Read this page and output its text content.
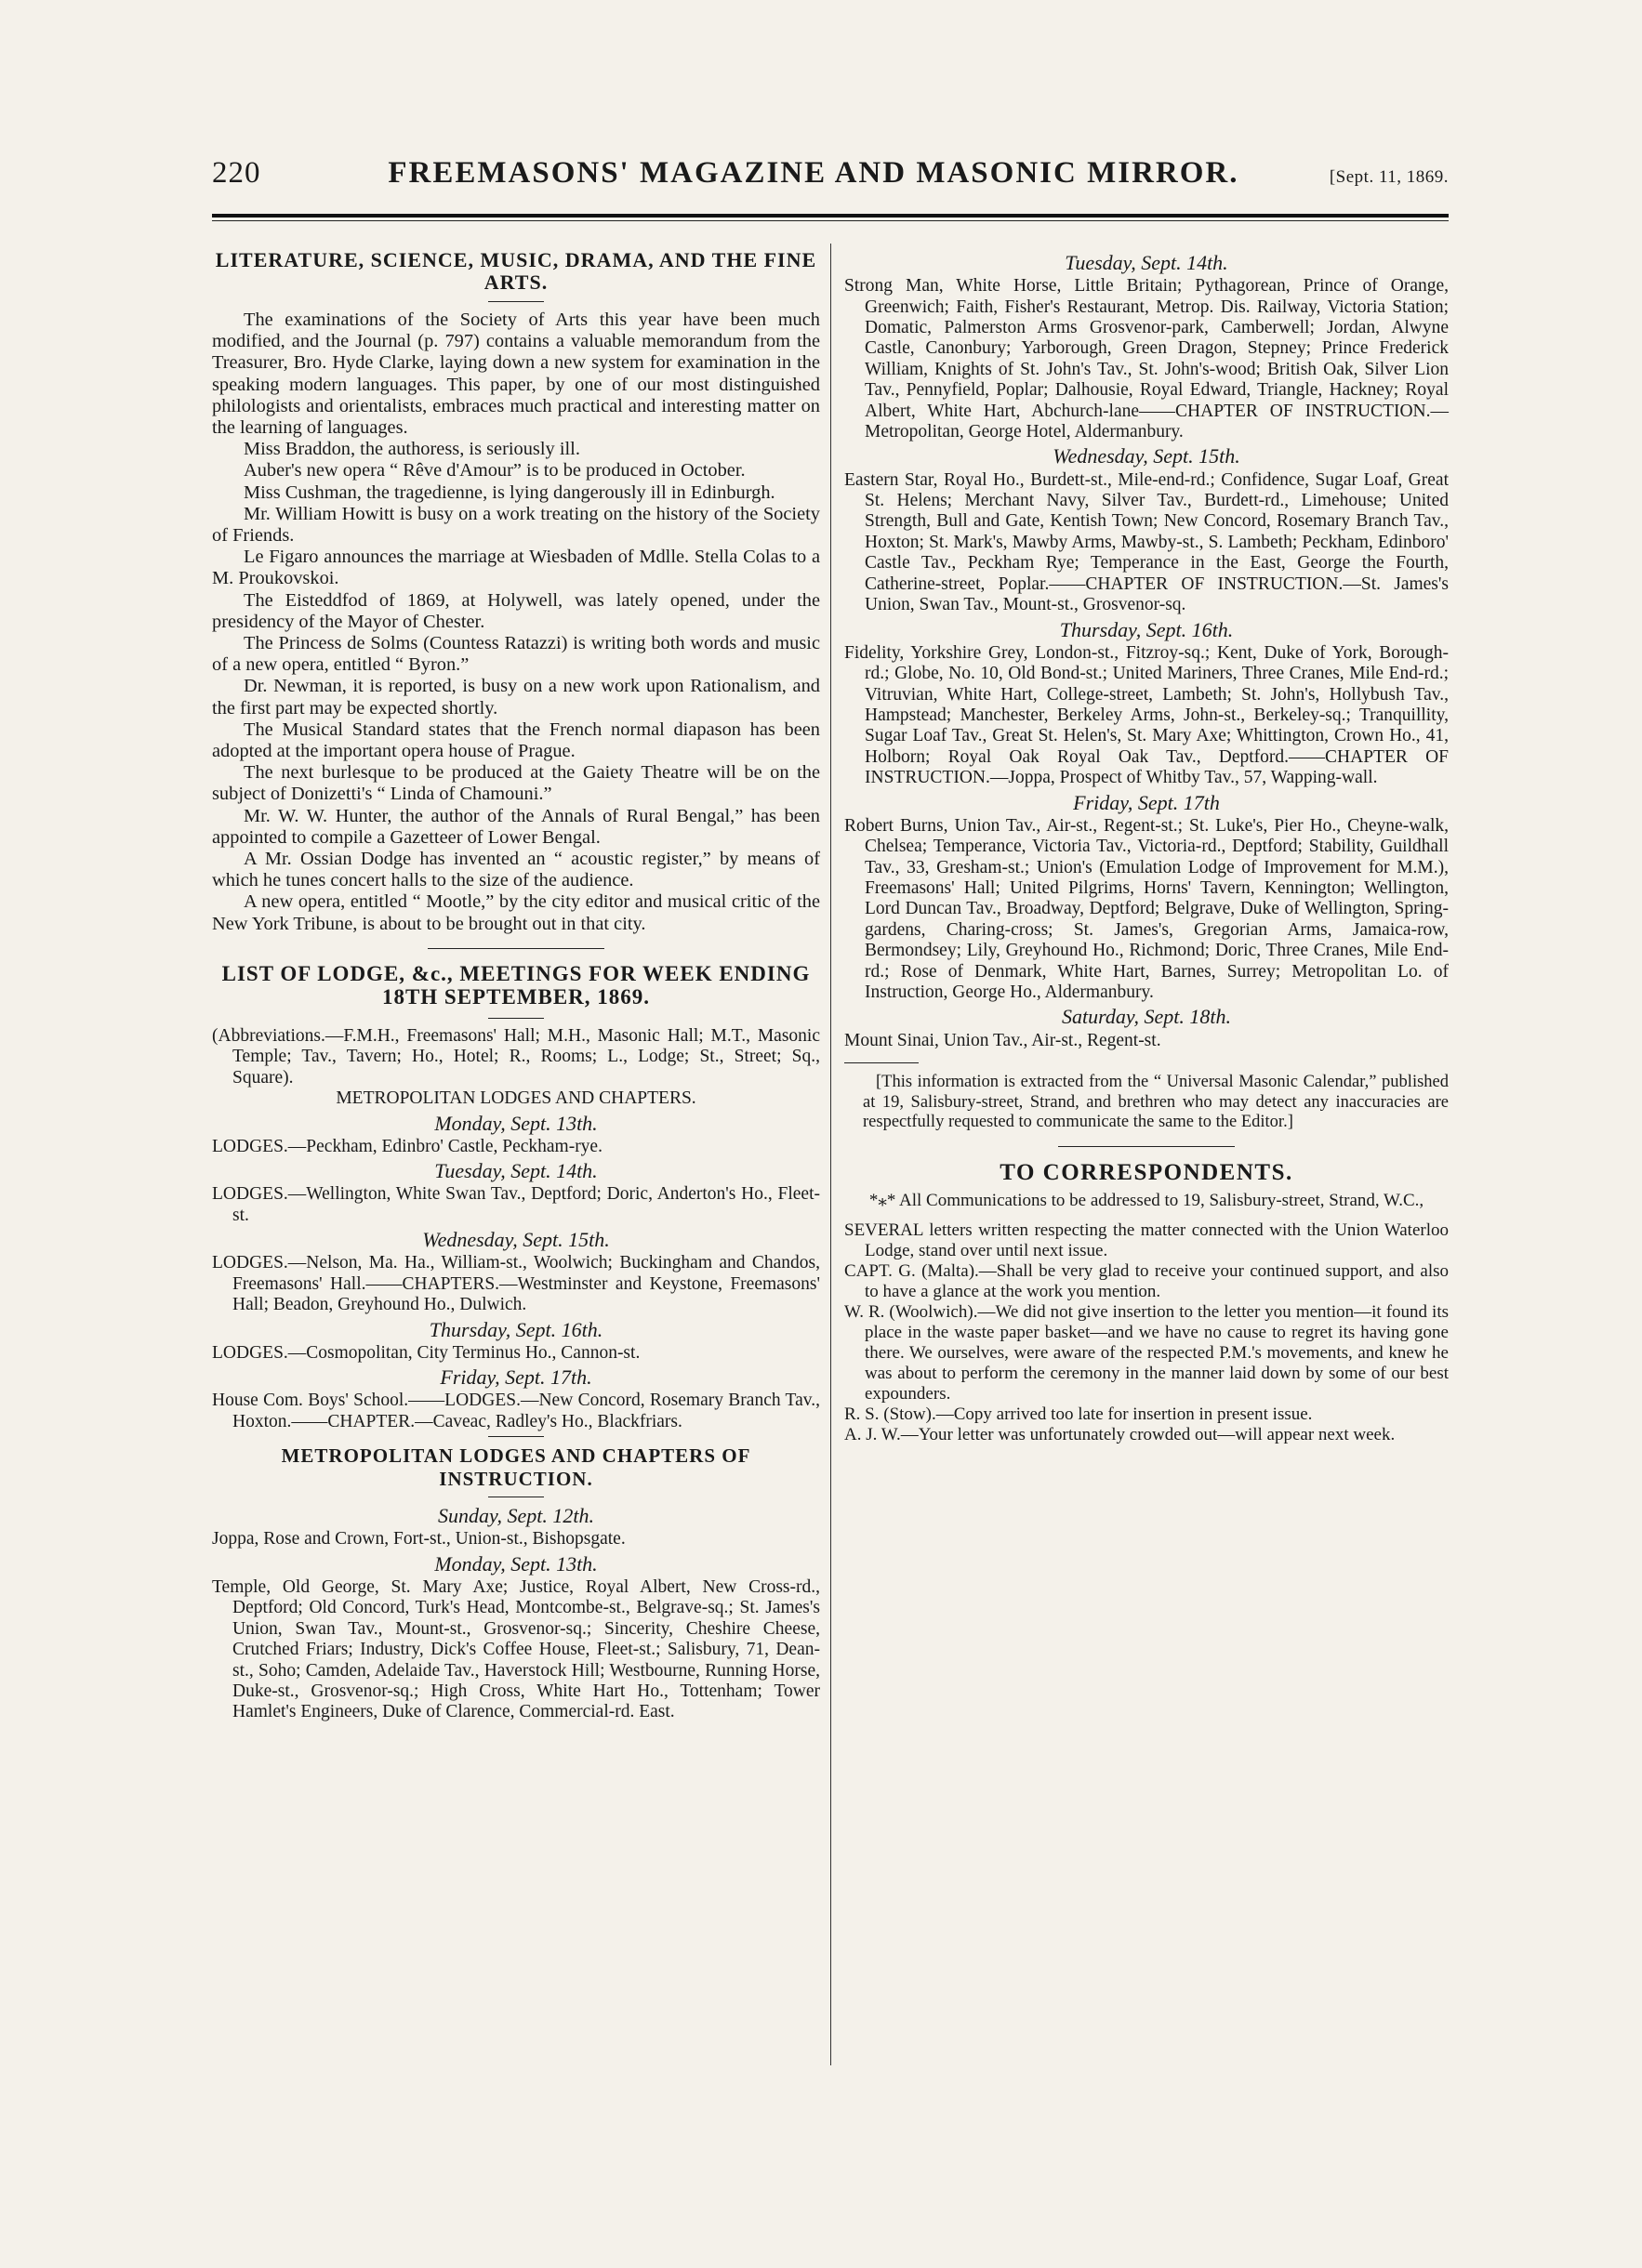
220	FREEMASONS' MAGAZINE AND MASONIC MIRROR.	[Sept. 11, 1869.
LITERATURE, SCIENCE, MUSIC, DRAMA, AND THE FINE ARTS.

The examinations of the Society of Arts this year have been much modified, and the Journal (p. 797) contains a valuable memorandum from the Treasurer, Bro. Hyde Clarke, laying down a new system for examination in the speaking modern languages. This paper, by one of our most distinguished philologists and orientalists, embraces much practical and interesting matter on the learning of languages.

Miss Braddon, the authoress, is seriously ill.

Auber's new opera “ Rêve d'Amour” is to be produced in October.

Miss Cushman, the tragedienne, is lying dangerously ill in Edinburgh.

Mr. William Howitt is busy on a work treating on the history of the Society of Friends.

Le Figaro announces the marriage at Wiesbaden of Mdlle. Stella Colas to a M. Proukovskoi.

The Eisteddfod of 1869, at Holywell, was lately opened, under the presidency of the Mayor of Chester.

The Princess de Solms (Countess Ratazzi) is writing both words and music of a new opera, entitled “ Byron.”

Dr. Newman, it is reported, is busy on a new work upon Rationalism, and the first part may be expected shortly.

The Musical Standard states that the French normal diapason has been adopted at the important opera house of Prague.

The next burlesque to be produced at the Gaiety Theatre will be on the subject of Donizetti's “ Linda of Chamouni.”

Mr. W. W. Hunter, the author of the Annals of Rural Bengal,” has been appointed to compile a Gazetteer of Lower Bengal.

A Mr. Ossian Dodge has invented an “ acoustic register,” by means of which he tunes concert halls to the size of the audience.

A new opera, entitled “ Mootle,” by the city editor and musical critic of the New York Tribune, is about to be brought out in that city.

LIST OF LODGE, &c., MEETINGS FOR WEEK ENDING 18TH SEPTEMBER, 1869.

(Abbreviations.—F.M.H., Freemasons' Hall; M.H., Masonic Hall; M.T., Masonic Temple; Tav., Tavern; Ho., Hotel; R., Rooms; L., Lodge; St., Street; Sq., Square).

METROPOLITAN LODGES AND CHAPTERS.

Monday, Sept. 13th.

LODGES.—Peckham, Edinbro' Castle, Peckham-rye.

Tuesday, Sept. 14th.

LODGES.—Wellington, White Swan Tav., Deptford; Doric, Anderton's Ho., Fleet-st.

Wednesday, Sept. 15th.

LODGES.—Nelson, Ma. Ha., William-st., Woolwich; Buckingham and Chandos, Freemasons' Hall.——CHAPTERS.—Westminster and Keystone, Freemasons' Hall; Beadon, Greyhound Ho., Dulwich.

Thursday, Sept. 16th.

LODGES.—Cosmopolitan, City Terminus Ho., Cannon-st.

Friday, Sept. 17th.

House Com. Boys' School.——LODGES.—New Concord, Rosemary Branch Tav., Hoxton.——CHAPTER.—Caveac, Radley's Ho., Blackfriars.

METROPOLITAN LODGES AND CHAPTERS OF INSTRUCTION.

Sunday, Sept. 12th.

Joppa, Rose and Crown, Fort-st., Union-st., Bishopsgate.

Monday, Sept. 13th.

Temple, Old George, St. Mary Axe; Justice, Royal Albert, New Cross-rd., Deptford; Old Concord, Turk's Head, Montcombe-st., Belgrave-sq.; St. James's Union, Swan Tav., Mount-st., Grosvenor-sq.; Sincerity, Cheshire Cheese, Crutched Friars; Industry, Dick's Coffee House, Fleet-st.; Salisbury, 71, Dean-st., Soho; Camden, Adelaide Tav., Haverstock Hill; Westbourne, Running Horse, Duke-st., Grosvenor-sq.; High Cross, White Hart Ho., Tottenham; Tower Hamlet's Engineers, Duke of Clarence, Commercial-rd. East.

Tuesday, Sept. 14th.

Strong Man, White Horse, Little Britain; Pythagorean, Prince of Orange, Greenwich; Faith, Fisher's Restaurant, Metrop. Dis. Railway, Victoria Station; Domatic, Palmerston Arms Grosvenor-park, Camberwell; Jordan, Alwyne Castle, Canonbury; Yarborough, Green Dragon, Stepney; Prince Frederick William, Knights of St. John's Tav., St. John's-wood; British Oak, Silver Lion Tav., Pennyfield, Poplar; Dalhousie, Royal Edward, Triangle, Hackney; Royal Albert, White Hart, Abchurch-lane——CHAPTER OF INSTRUCTION.—Metropolitan, George Hotel, Aldermanbury.

Wednesday, Sept. 15th.

Eastern Star, Royal Ho., Burdett-st., Mile-end-rd.; Confidence, Sugar Loaf, Great St. Helens; Merchant Navy, Silver Tav., Burdett-rd., Limehouse; United Strength, Bull and Gate, Kentish Town; New Concord, Rosemary Branch Tav., Hoxton; St. Mark's, Mawby Arms, Mawby-st., S. Lambeth; Peckham, Edinboro' Castle Tav., Peckham Rye; Temperance in the East, George the Fourth, Catherine-street, Poplar.——CHAPTER OF INSTRUCTION.—St. James's Union, Swan Tav., Mount-st., Grosvenor-sq.

Thursday, Sept. 16th.

Fidelity, Yorkshire Grey, London-st., Fitzroy-sq.; Kent, Duke of York, Borough-rd.; Globe, No. 10, Old Bond-st.; United Mariners, Three Cranes, Mile End-rd.; Vitruvian, White Hart, College-street, Lambeth; St. John's, Hollybush Tav., Hampstead; Manchester, Berkeley Arms, John-st., Berkeley-sq.; Tranquillity, Sugar Loaf Tav., Great St. Helen's, St. Mary Axe; Whittington, Crown Ho., 41, Holborn; Royal Oak Royal Oak Tav., Deptford.——CHAPTER OF INSTRUCTION.—Joppa, Prospect of Whitby Tav., 57, Wapping-wall.

Friday, Sept. 17th

Robert Burns, Union Tav., Air-st., Regent-st.; St. Luke's, Pier Ho., Cheyne-walk, Chelsea; Temperance, Victoria Tav., Victoria-rd., Deptford; Stability, Guildhall Tav., 33, Gresham-st.; Union's (Emulation Lodge of Improvement for M.M.), Freemasons' Hall; United Pilgrims, Horns' Tavern, Kennington; Wellington, Lord Duncan Tav., Broadway, Deptford; Belgrave, Duke of Wellington, Spring-gardens, Charing-cross; St. James's, Gregorian Arms, Jamaica-row, Bermondsey; Lily, Greyhound Ho., Richmond; Doric, Three Cranes, Mile End-rd.; Rose of Denmark, White Hart, Barnes, Surrey; Metropolitan Lo. of Instruction, George Ho., Aldermanbury.

Saturday, Sept. 18th.

Mount Sinai, Union Tav., Air-st., Regent-st.

[This information is extracted from the “ Universal Masonic Calendar,” published at 19, Salisbury-street, Strand, and brethren who may detect any inaccuracies are respectfully requested to communicate the same to the Editor.]

TO CORRESPONDENTS.

*⁎* All Communications to be addressed to 19, Salisbury-street, Strand, W.C.,

SEVERAL letters written respecting the matter connected with the Union Waterloo Lodge, stand over until next issue.

CAPT. G. (Malta).—Shall be very glad to receive your continued support, and also to have a glance at the work you mention.

W. R. (Woolwich).—We did not give insertion to the letter you mention—it found its place in the waste paper basket—and we have no cause to regret its having gone there. We ourselves, were aware of the respected P.M.'s movements, and knew he was about to perform the ceremony in the manner laid down by some of our best expounders.

R. S. (Stow).—Copy arrived too late for insertion in present issue.

A. J. W.—Your letter was unfortunately crowded out—will appear next week.
